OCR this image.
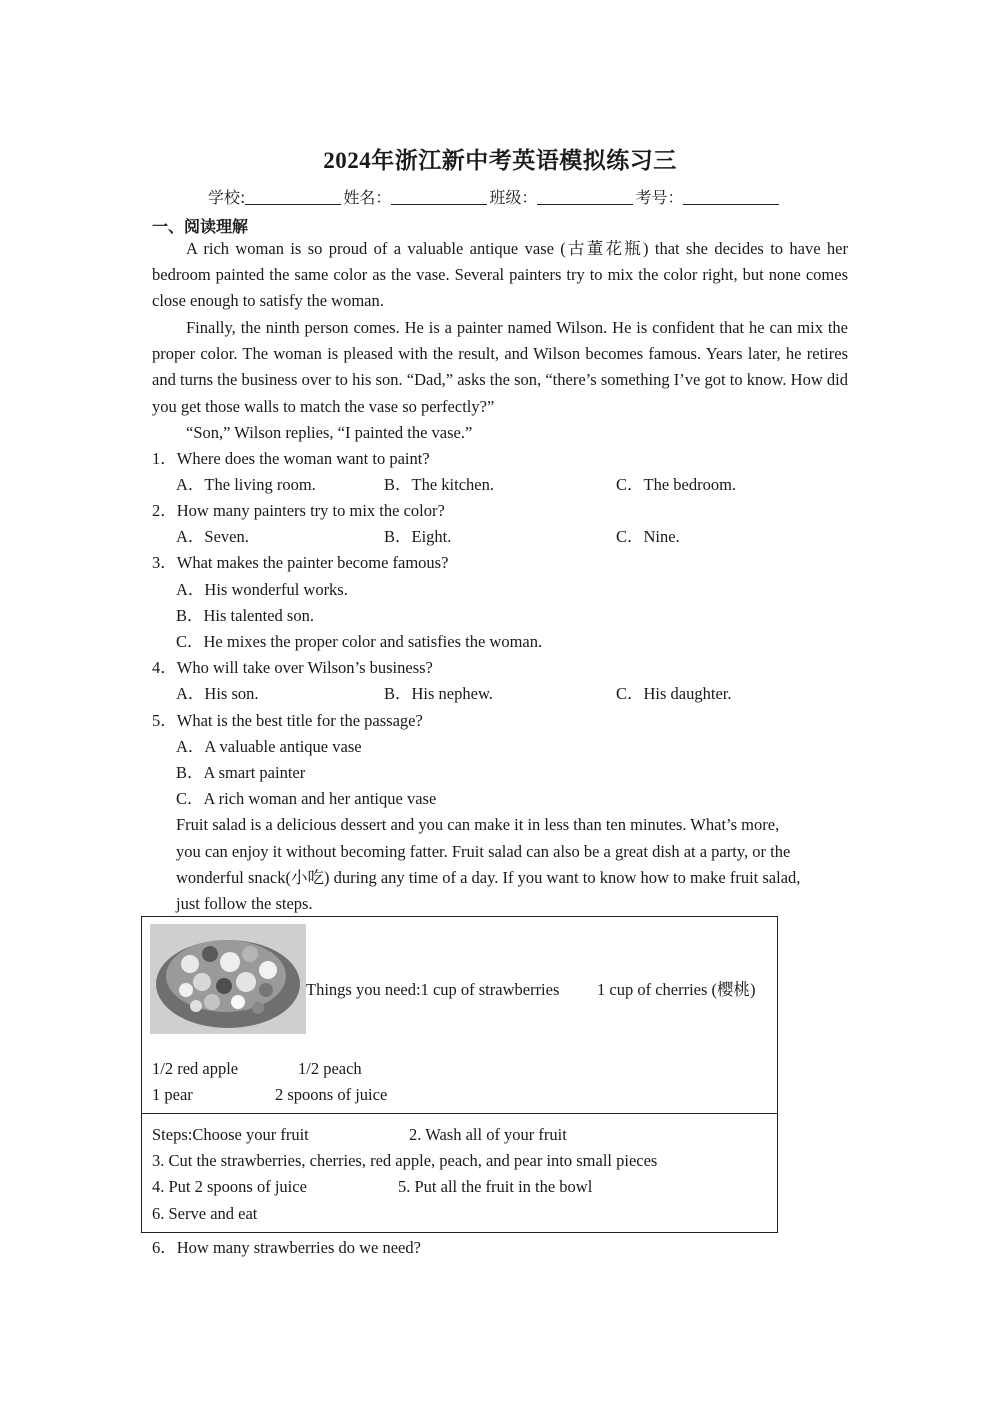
2024年浙江新中考英语模拟练习三
学校:	姓名：	班级：	考号：
一、阅读理解
A rich woman is so proud of a valuable antique vase (古董花瓶) that she decides to have her bedroom painted the same color as the vase. Several painters try to mix the color right, but none comes close enough to satisfy the woman.
Finally, the ninth person comes. He is a painter named Wilson. He is confident that he can mix the proper color. The woman is pleased with the result, and Wilson becomes famous. Years later, he retires and turns the business over to his son. “Dad,” asks the son, “there’s something I’ve got to know. How did you get those walls to match the vase so perfectly?”
“Son,” Wilson replies, “I painted the vase.”
1．Where does the woman want to paint?
A．The living room.	B．The kitchen.	C．The bedroom.
2．How many painters try to mix the color?
A．Seven.	B．Eight.	C．Nine.
3．What makes the painter become famous?
A．His wonderful works.
B．His talented son.
C．He mixes the proper color and satisfies the woman.
4．Who will take over Wilson’s business?
A．His son.	B．His nephew.	C．His daughter.
5．What is the best title for the passage?
A．A valuable antique vase
B．A smart painter
C．A rich woman and her antique vase
Fruit salad is a delicious dessert and you can make it in less than ten minutes. What’s more,
you can enjoy it without becoming fatter. Fruit salad can also be a great dish at a party, or the
wonderful snack(小吃) during any time of a day. If you want to know how to make fruit salad,
just follow the steps.
Things you need:1 cup of strawberries 1 cup of cherries (樱桃)
1/2 red apple	1/2 peach
1 pear	2 spoons of juice
Steps:Choose your fruit	2. Wash all of your fruit
3. Cut the strawberries, cherries, red apple, peach, and pear into small pieces
4. Put 2 spoons of juice	5. Put all the fruit in the bowl
6. Serve and eat
6．How many strawberries do we need?
